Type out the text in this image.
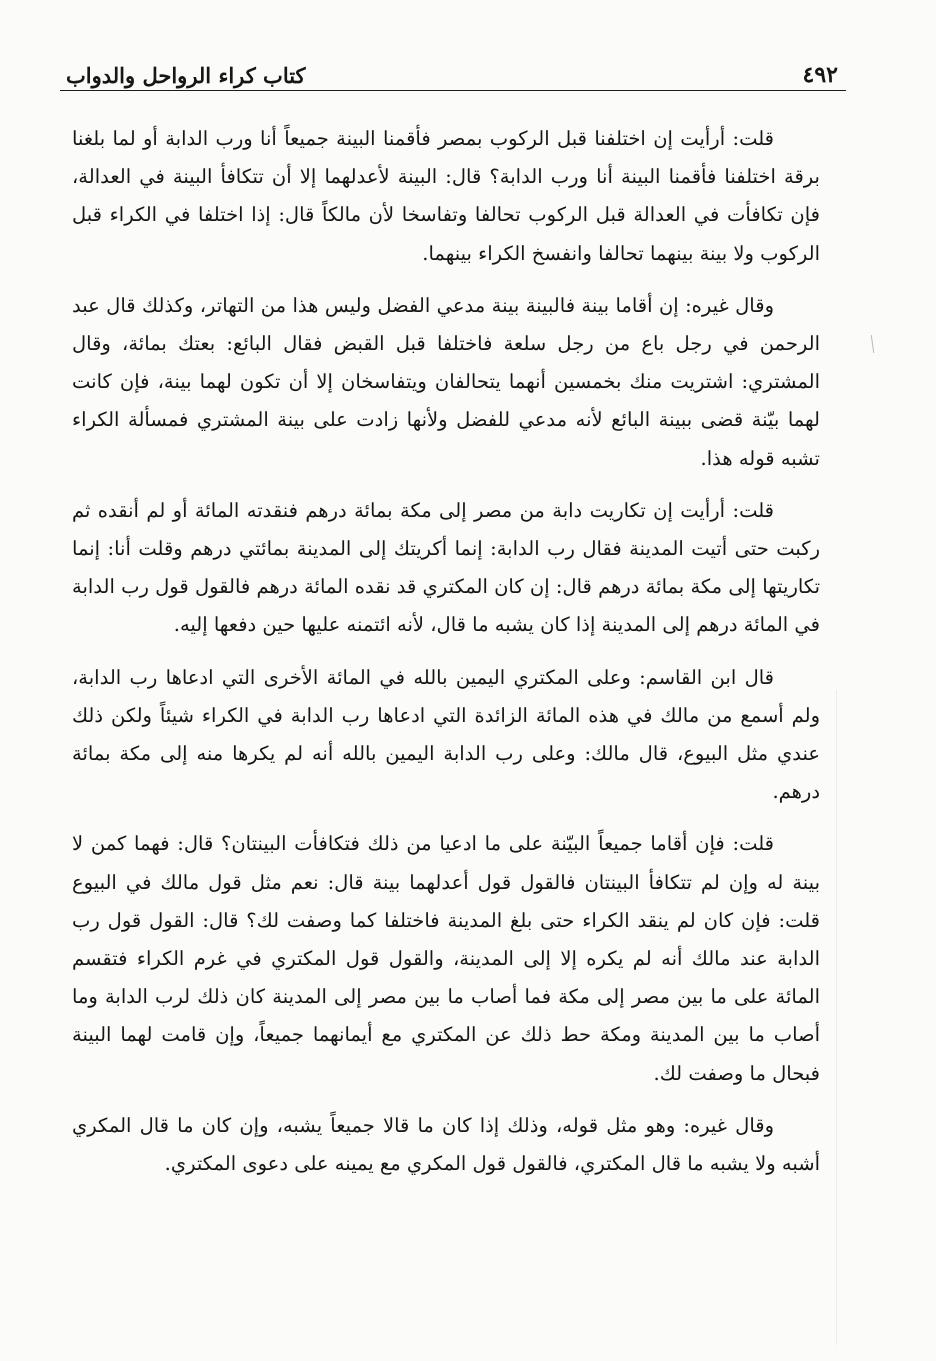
٤٩٢
كتاب كراء الرواحل والدواب

قلت: أرأيت إن اختلفنا قبل الركوب بمصر فأقمنا البينة جميعاً أنا ورب الدابة أو لما بلغنا برقة اختلفنا فأقمنا البينة أنا ورب الدابة؟ قال: البينة لأعدلهما إلا أن تتكافأ البينة في العدالة، فإن تكافأت في العدالة قبل الركوب تحالفا وتفاسخا لأن مالكاً قال: إذا اختلفا في الكراء قبل الركوب ولا بينة بينهما تحالفا وانفسخ الكراء بينهما.

وقال غيره: إن أقاما بينة فالبينة بينة مدعي الفضل وليس هذا من التهاتر، وكذلك قال عبد الرحمن في رجل باع من رجل سلعة فاختلفا قبل القبض فقال البائع: بعتك بمائة، وقال المشتري: اشتريت منك بخمسين أنهما يتحالفان ويتفاسخان إلا أن تكون لهما بينة، فإن كانت لهما بيّنة قضى ببينة البائع لأنه مدعي للفضل ولأنها زادت على بينة المشتري فمسألة الكراء تشبه قوله هذا.

قلت: أرأيت إن تكاريت دابة من مصر إلى مكة بمائة درهم فنقدته المائة أو لم أنقده ثم ركبت حتى أتيت المدينة فقال رب الدابة: إنما أكريتك إلى المدينة بمائتي درهم وقلت أنا: إنما تكاريتها إلى مكة بمائة درهم قال: إن كان المكتري قد نقده المائة درهم فالقول قول رب الدابة في المائة درهم إلى المدينة إذا كان يشبه ما قال، لأنه ائتمنه عليها حين دفعها إليه.

قال ابن القاسم: وعلى المكتري اليمين بالله في المائة الأخرى التي ادعاها رب الدابة، ولم أسمع من مالك في هذه المائة الزائدة التي ادعاها رب الدابة في الكراء شيئاً ولكن ذلك عندي مثل البيوع، قال مالك: وعلى رب الدابة اليمين بالله أنه لم يكرها منه إلى مكة بمائة درهم.

قلت: فإن أقاما جميعاً البيّنة على ما ادعيا من ذلك فتكافأت البينتان؟ قال: فهما كمن لا بينة له وإن لم تتكافأ البينتان فالقول قول أعدلهما بينة قال: نعم مثل قول مالك في البيوع قلت: فإن كان لم ينقد الكراء حتى بلغ المدينة فاختلفا كما وصفت لك؟ قال: القول قول رب الدابة عند مالك أنه لم يكره إلا إلى المدينة، والقول قول المكتري في غرم الكراء فتقسم المائة على ما بين مصر إلى مكة فما أصاب ما بين مصر إلى المدينة كان ذلك لرب الدابة وما أصاب ما بين المدينة ومكة حط ذلك عن المكتري مع أيمانهما جميعاً، وإن قامت لهما البينة فبحال ما وصفت لك.

وقال غيره: وهو مثل قوله، وذلك إذا كان ما قالا جميعاً يشبه، وإن كان ما قال المكري أشبه ولا يشبه ما قال المكتري، فالقول قول المكري مع يمينه على دعوى المكتري.
